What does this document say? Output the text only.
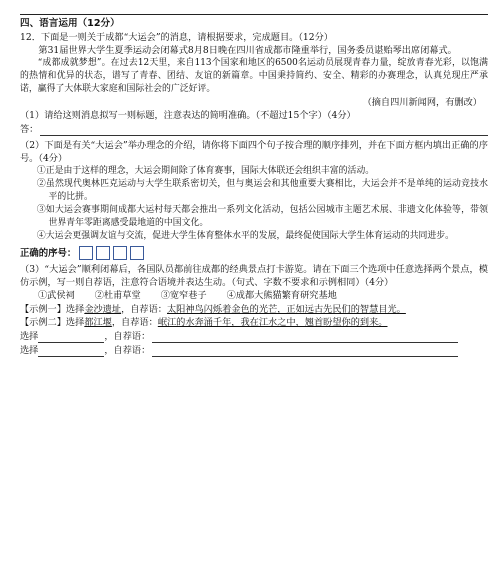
四、语言运用（12分）

12．下面是一则关于成都“大运会”的消息，请根据要求，完成题目。（12分）

第31届世界大学生夏季运动会闭幕式8月8日晚在四川省成都市隆重举行，国务委员谌贻琴出席闭幕式。

“成都成就梦想”。在过去12天里，来自113个国家和地区的6500名运动员展现青春力量，绽放青春光彩，以饱满的热情和优异的状态，谱写了青春、团结、友谊的新篇章。中国秉持简约、安全、精彩的办赛理念，认真兑现庄严承诺，赢得了大体联大家庭和国际社会的广泛好评。

（摘自四川新闻网，有删改）

（1）请给这则消息拟写一则标题，注意表达的简明准确。（不超过15个字）（4分）

答：

（2）下面是有关“大运会”举办理念的介绍，请你将下面四个句子按合理的顺序排列，并在下面方框内填出正确的序号。（4分）

①正是由于这样的理念，大运会期间除了体育赛事，国际大体联还会组织丰富的活动。

②虽然现代奥林匹克运动与大学生联系密切关，但与奥运会和其他重要大赛相比，大运会并不是单纯的运动竞技水平的比拼。

③如大运会赛事期间成都大运村每天都会推出一系列文化活动，包括公园城市主题艺术展、非遗文化体验等，带领世界青年零距离感受最地道的中国文化。

④大运会更强调友谊与交流，促进大学生体育整体水平的发展，最终促使国际大学生体育运动的共同进步。

正确的序号：

（3）“大运会”顺利闭幕后，各国队员都前往成都的经典景点打卡游览。请在下面三个选项中任意选择两个景点，模仿示例，写一则自荐语，注意符合语境并表达生动。（句式、字数不要求和示例相同）（4分）

①武侯祠 ②杜甫草堂 ③宽窄巷子 ④成都大熊猫繁育研究基地

【示例一】选择金沙遗址，自荐语：太阳神鸟闪烁着金色的光芒，正如远古先民们的智慧目光。

【示例二】选择都江堰，自荐语：岷江的水奔涌千年，我在江水之中，翘首盼望你的到来。

选择	，自荐语：
选择	，自荐语：
